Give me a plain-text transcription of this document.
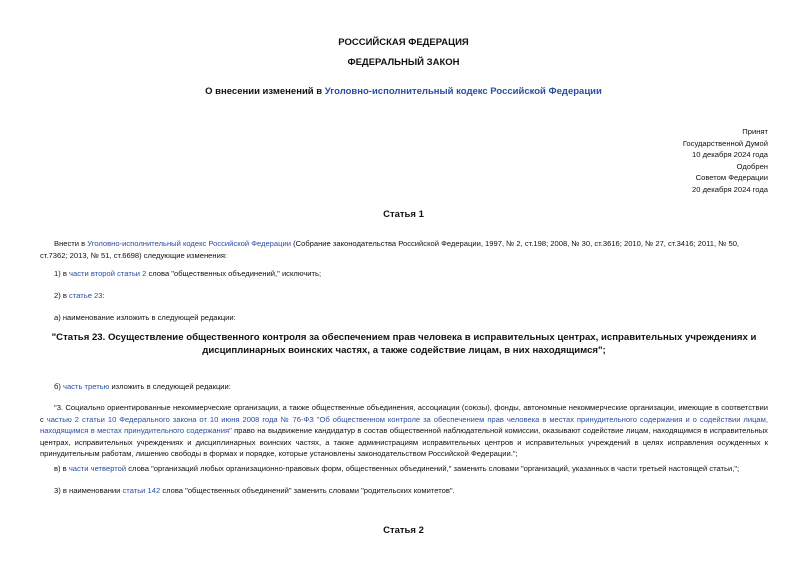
РОССИЙСКАЯ ФЕДЕРАЦИЯ
ФЕДЕРАЛЬНЫЙ ЗАКОН
О внесении изменений в Уголовно-исполнительный кодекс Российской Федерации
Принят
Государственной Думой
10 декабря 2024 года
Одобрен
Советом Федерации
20 декабря 2024 года
Статья 1
Внести в Уголовно-исполнительный кодекс Российской Федерации (Собрание законодательства Российской Федерации, 1997, № 2, ст.198; 2008, № 30, ст.3616; 2010, № 27, ст.3416; 2011, № 50, ст.7362; 2013, № 51, ст.6698) следующие изменения:
1) в части второй статьи 2 слова "общественных объединений," исключить;
2) в статье 23:
а) наименование изложить в следующей редакции:
"Статья 23. Осуществление общественного контроля за обеспечением прав человека в исправительных центрах, исправительных учреждениях и дисциплинарных воинских частях, а также содействие лицам, в них находящимся";
б) часть третью изложить в следующей редакции:
"3. Социально ориентированные некоммерческие организации, а также общественные объединения, ассоциации (союзы), фонды, автономные некоммерческие организации, имеющие в соответствии с частью 2 статьи 10 Федерального закона от 10 июня 2008 года № 76-ФЗ "Об общественном контроле за обеспечением прав человека в местах принудительного содержания и о содействии лицам, находящимся в местах принудительного содержания" право на выдвижение кандидатур в состав общественной наблюдательной комиссии, оказывают содействие лицам, находящимся в исправительных центрах, исправительных учреждениях и дисциплинарных воинских частях, а также администрациям исправительных центров и исправительных учреждений в целях исправления осужденных к принудительным работам, лишению свободы в формах и порядке, которые установлены законодательством Российской Федерации.";
в) в части четвертой слова "организаций любых организационно-правовых форм, общественных объединений," заменить словами "организаций, указанных в части третьей настоящей статьи,";
3) в наименовании статьи 142 слова "общественных объединений" заменить словами "родительских комитетов".
Статья 2
